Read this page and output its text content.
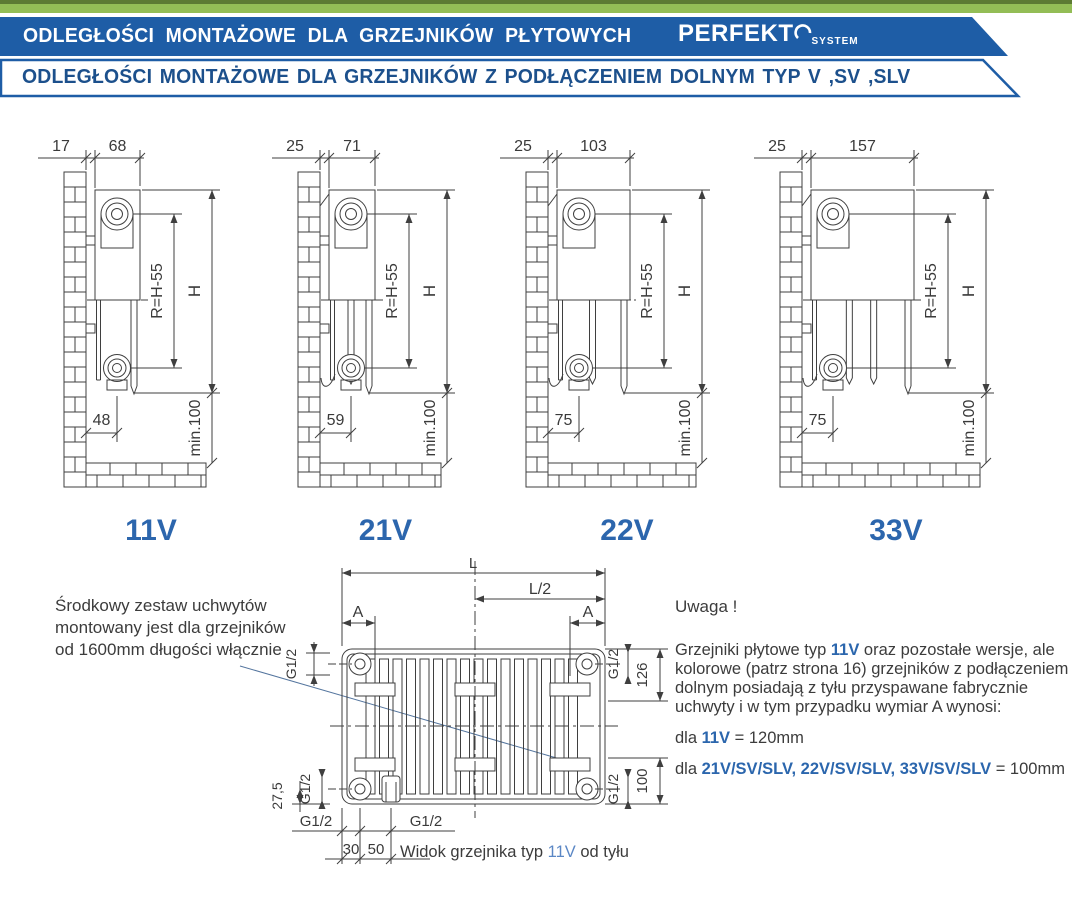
ODLEGŁOŚCI MONTAŻOWE DLA GRZEJNIKÓW PŁYTOWYCH PERFEKT SYSTEM
ODLEGŁOŚCI MONTAŻOWE DLA GRZEJNIKÓW Z PODŁĄCZENIEM DOLNYM TYP V ,SV ,SLV
17 68
R=H-55 H
min.100
48
11V
25 71
R=H-55 H
min.100
59
21V
25	103
R=H-55 H
min.100
75
22V
25	157
R=H-55 H
min.100
75
33V
L
L/2
A	A
G1/2	G1/2 126
27,5 G1/2	G1/2 100
G1/2	G1/2
30 50
Środkowy zestaw uchwytów
montowany jest dla grzejników
od 1600mm długości włącznie
Uwaga !

Grzejniki płytowe typ 11V oraz pozostałe wersje, ale kolorowe (patrz strona 16) grzejników z podłączeniem dolnym posiadają z tyłu przyspawane fabrycznie uchwyty i w tym przypadku wymiar A wynosi:

dla 11V = 120mm
dla 21V/SV/SLV, 22V/SV/SLV, 33V/SV/SLV = 100mm
Widok grzejnika typ 11V od tyłu
